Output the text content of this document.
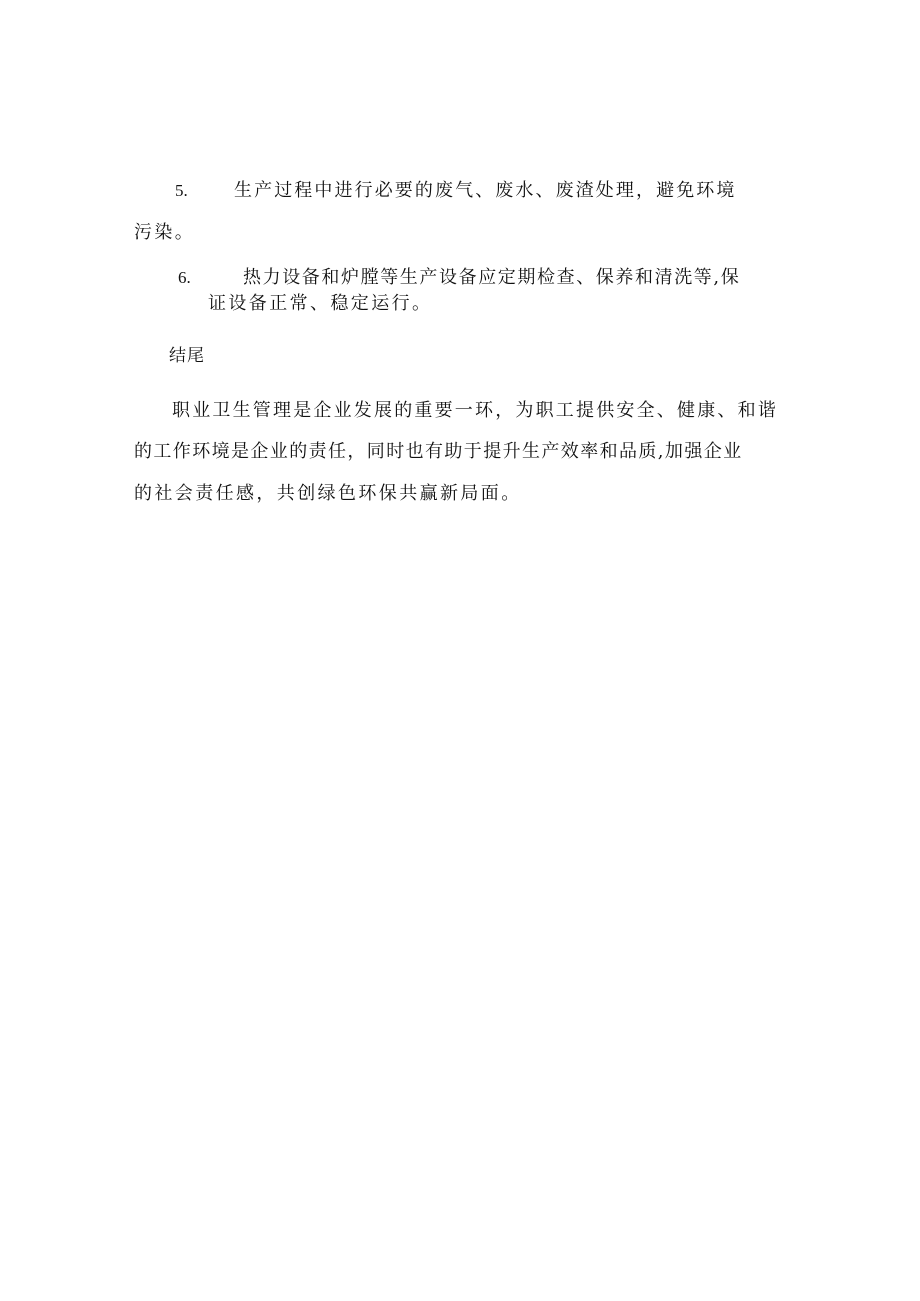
5.	生产过程中进行必要的废气、废水、废渣处理，避免环境
污染。
6.	热力设备和炉膛等生产设备应定期检查、保养和清洗等,保
证设备正常、稳定运行。
结尾
职业卫生管理是企业发展的重要一环，为职工提供安全、健康、和谐
的工作环境是企业的责任，同时也有助于提升生产效率和品质,加强企业
的社会责任感，共创绿色环保共赢新局面。
